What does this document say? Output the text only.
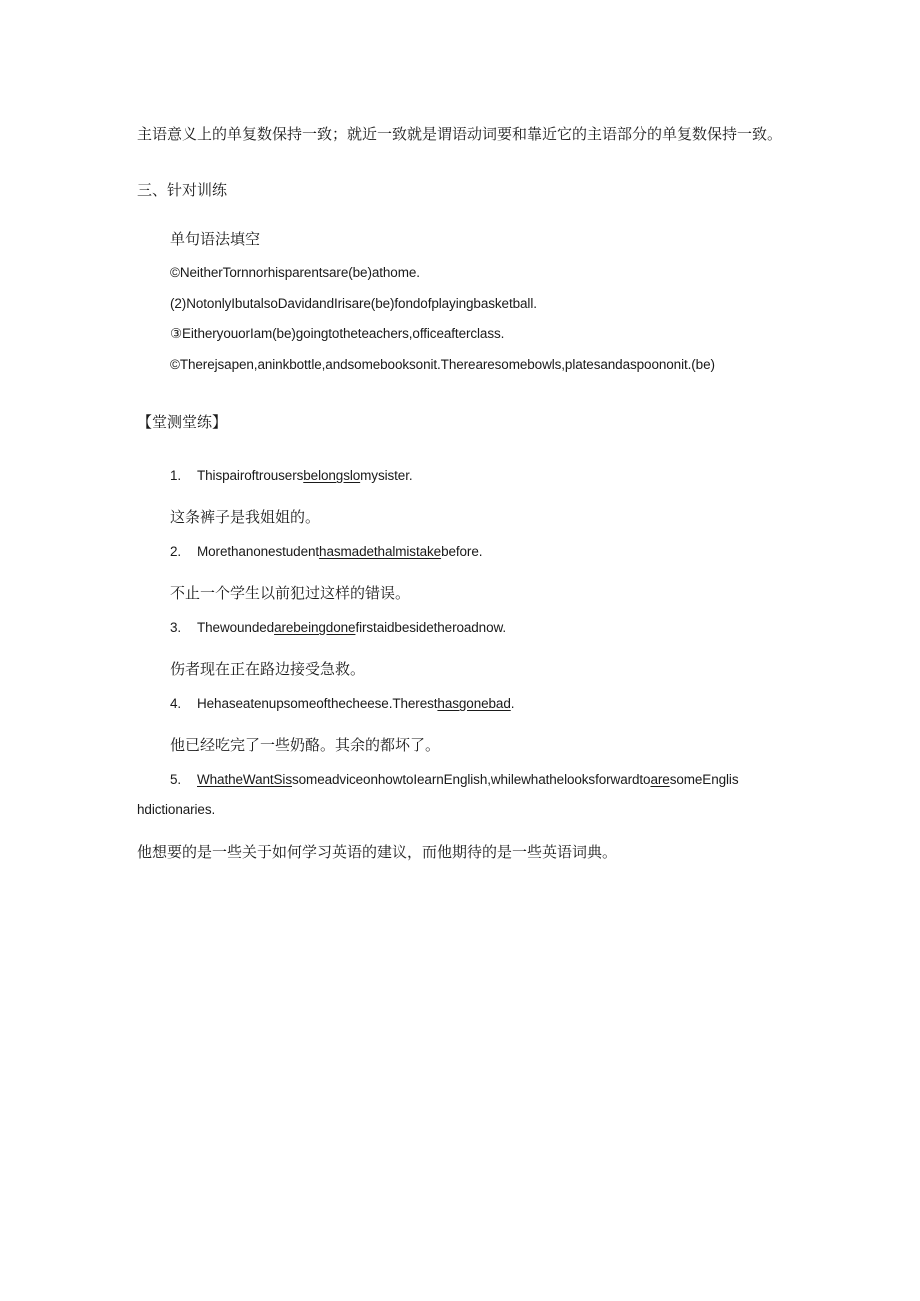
主语意义上的单复数保持一致；就近一致就是谓语动词要和靠近它的主语部分的单复数保持一致。
三、针对训练
单句语法填空
©NeitherTornnorhisparentsare(be)athome.
(2)NotonlyIbutalsoDavidandIrisare(be)fondofplayingbasketball.
③EitheryouorIam(be)goingtotheteachers,officeafterclass.
©Therejsapen,aninkbottle,andsomebooksonit.Therearesomebowls,platesandaspoononit.(be)
【堂测堂练】
1. Thispairoftrousersbelongslomysister.
这条裤子是我姐姐的。
2. Morethanonestudenthasmadethalmistakebefore.
不止一个学生以前犯过这样的错误。
3. Thewoundedarebeingdonefirstaidbesidetheroadnow.
伤者现在正在路边接受急救。
4. Hehaseatenupsomeofthecheese.Theresthasgonebad.
他已经吃完了一些奶酪。其余的都坏了。
5. WhatheWantSissomeadviceonhowtoIearnEnglish,whilewhathelooksforwardtoaresomeEnglis
hdictionaries.
他想要的是一些关于如何学习英语的建议，而他期待的是一些英语词典。
